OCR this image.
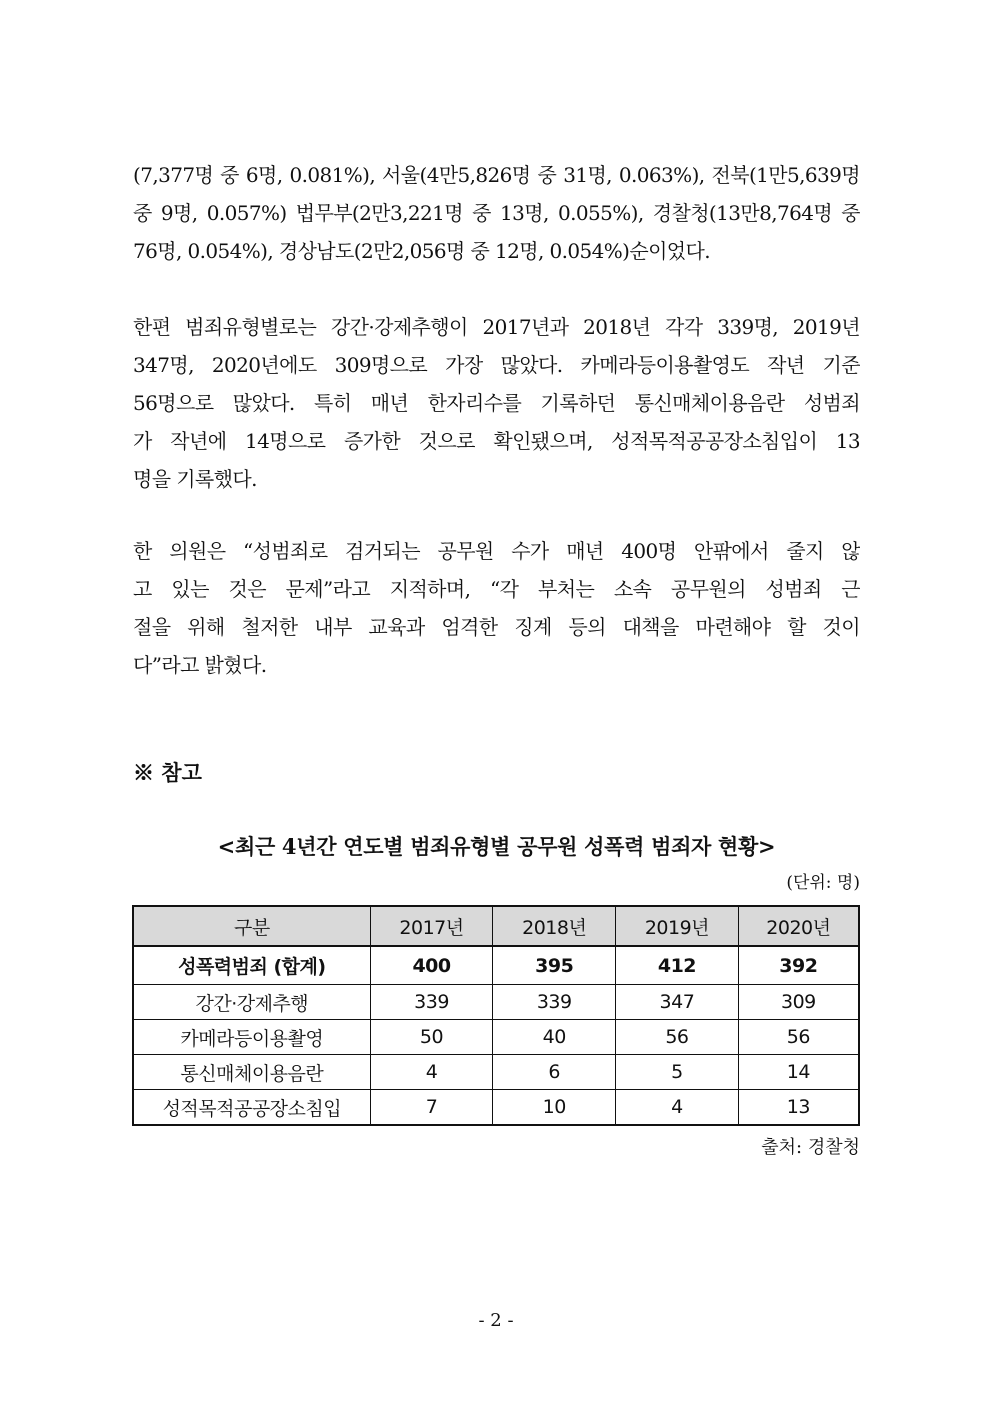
(7,377명 중 6명, 0.081%), 서울(4만5,826명 중 31명, 0.063%), 전북(1만5,639명
중 9명, 0.057%) 법무부(2만3,221명 중 13명, 0.055%), 경찰청(13만8,764명 중
76명, 0.054%), 경상남도(2만2,056명 중 12명, 0.054%)순이었다.
한편 범죄유형별로는 강간·강제추행이 2017년과 2018년 각각 339명, 2019년
347명, 2020년에도 309명으로 가장 많았다. 카메라등이용촬영도 작년 기준
56명으로 많았다. 특히 매년 한자리수를 기록하던 통신매체이용음란 성범죄
가 작년에 14명으로 증가한 것으로 확인됐으며, 성적목적공공장소침입이 13
명을 기록했다.
한 의원은 “성범죄로 검거되는 공무원 수가 매년 400명 안팎에서 줄지 않
고 있는 것은 문제”라고 지적하며, “각 부처는 소속 공무원의 성범죄 근
절을 위해 철저한 내부 교육과 엄격한 징계 등의 대책을 마련해야 할 것이
다”라고 밝혔다.

※ 참고

<최근 4년간 연도별 범죄유형별 공무원 성폭력 범죄자 현황>

(단위: 명)

구분	2017년	2018년	2019년	2020년
성폭력범죄 (합계)	400	395	412	392
강간·강제추행	339	339	347	309
카메라등이용촬영	50	40	56	56
통신매체이용음란	4	6	5	14
성적목적공공장소침입	7	10	4	13

출처: 경찰청

- 2 -
